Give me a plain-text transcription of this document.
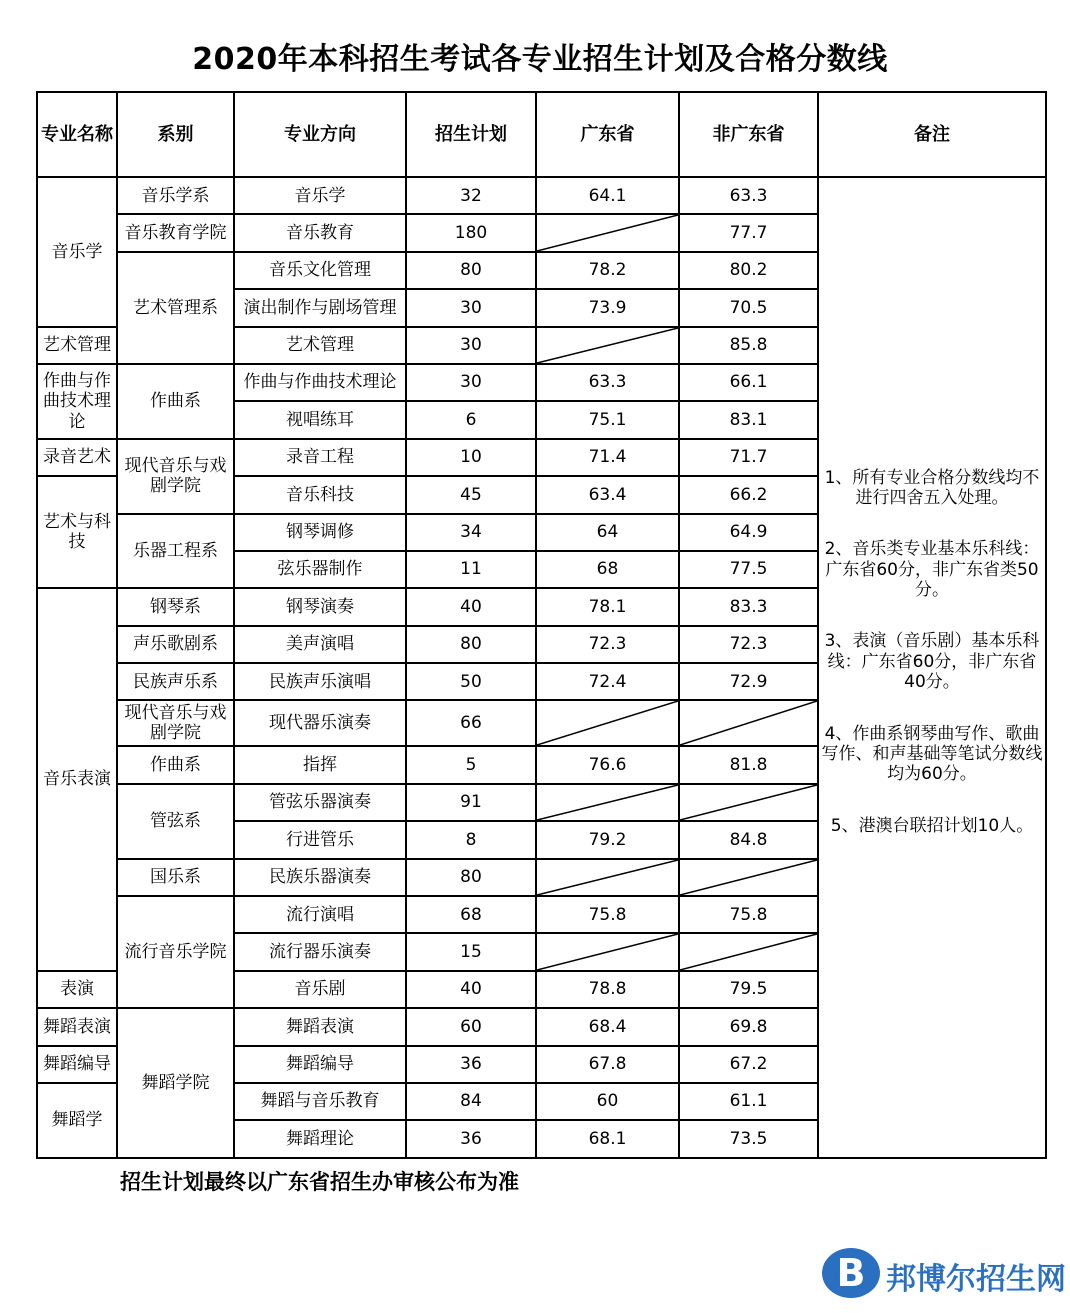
2020年本科招生考试各专业招生计划及合格分数线
专业名称	系别	专业方向	招生计划	广东省	非广东省	备注
音乐学	音乐学系	音乐学	32	64.1	63.3	1、所有专业合格分数线均不进行四舍五入处理。

2、音乐类专业基本乐科线：广东省60分，非广东省类50分。

3、表演（音乐剧）基本乐科线：广东省60分，非广东省40分。

4、作曲系钢琴曲写作、歌曲写作、和声基础等笔试分数线均为60分。

5、港澳台联招计划10人。

	音乐教育学院	音乐教育	180		77.7	
	艺术管理系	音乐文化管理	80	78.2	80.2	
		演出制作与剧场管理	30	73.9	70.5	
艺术管理		艺术管理	30		85.8	
作曲与作曲技术理论	作曲系	作曲与作曲技术理论	30	63.3	66.1	
		视唱练耳	6	75.1	83.1	
录音艺术	现代音乐与戏剧学院	录音工程	10	71.4	71.7	
艺术与科技		音乐科技	45	63.4	66.2	
	乐器工程系	钢琴调修	34	64	64.9	
		弦乐器制作	11	68	77.5	
音乐表演	钢琴系	钢琴演奏	40	78.1	83.3	
	声乐歌剧系	美声演唱	80	72.3	72.3	
	民族声乐系	民族声乐演唱	50	72.4	72.9	
	现代音乐与戏剧学院	现代器乐演奏	66			
	作曲系	指挥	5	76.6	81.8	
	管弦系	管弦乐器演奏	91			
		行进管乐	8	79.2	84.8	
	国乐系	民族乐器演奏	80			
	流行音乐学院	流行演唱	68	75.8	75.8	
		流行器乐演奏	15			
表演		音乐剧	40	78.8	79.5	
舞蹈表演	舞蹈学院	舞蹈表演	60	68.4	69.8	
舞蹈编导		舞蹈编导	36	67.8	67.2	
舞蹈学		舞蹈与音乐教育	84	60	61.1	
		舞蹈理论	36	68.1	73.5	
招生计划最终以广东省招生办审核公布为准
B 邦博尔招生网
